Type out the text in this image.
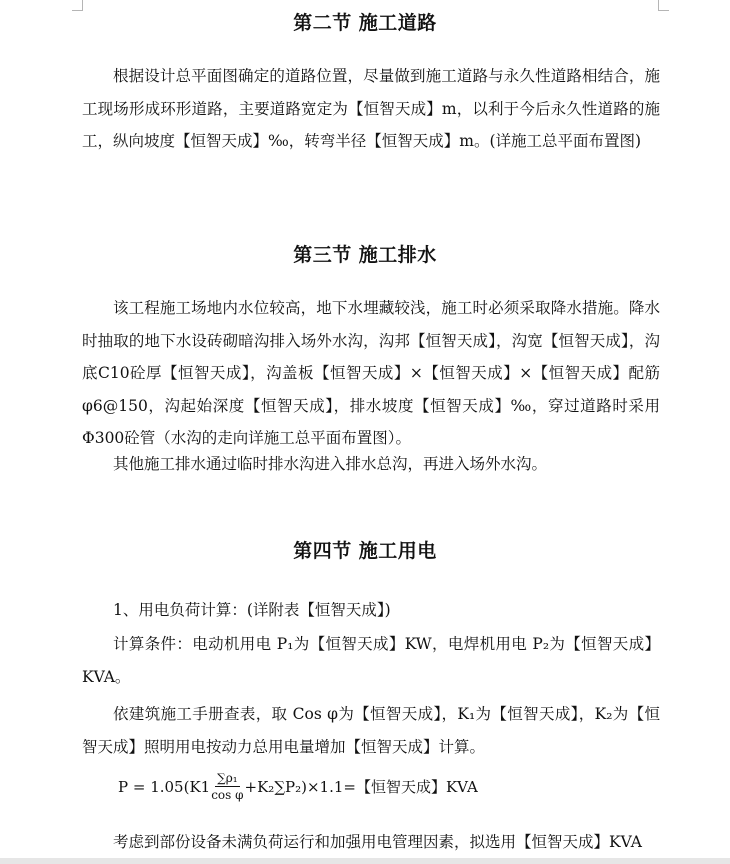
第二节 施工道路
根据设计总平面图确定的道路位置，尽量做到施工道路与永久性道路相结合，施工现场形成环形道路，主要道路宽定为【恒智天成】m，以利于今后永久性道路的施工，纵向坡度【恒智天成】‰，转弯半径【恒智天成】m。(详施工总平面布置图)
第三节 施工排水
该工程施工场地内水位较高，地下水埋藏较浅，施工时必须采取降水措施。降水时抽取的地下水设砖砌暗沟排入场外水沟，沟邦【恒智天成】，沟宽【恒智天成】，沟底C10砼厚【恒智天成】，沟盖板【恒智天成】×【恒智天成】×【恒智天成】配筋φ6@150，沟起始深度【恒智天成】，排水坡度【恒智天成】‰，穿过道路时采用Φ300砼管（水沟的走向详施工总平面布置图）。
其他施工排水通过临时排水沟进入排水总沟，再进入场外水沟。
第四节 施工用电
1、用电负荷计算：(详附表【恒智天成】)
计算条件：电动机用电 P₁为【恒智天成】KW，电焊机用电 P₂为【恒智天成】KVA。
依建筑施工手册查表，取 Cos φ为【恒智天成】，K₁为【恒智天成】，K₂为【恒智天成】照明用电按动力总用电量增加【恒智天成】计算。
$P = 1.05(K1 \frac{\text{∑ρ₁}}{\text{cos φ}} +K_2\sum P_2)\times 1.1=$【恒智天成】KVA
考虑到部份设备未满负荷运行和加强用电管理因素，拟选用【恒智天成】KVA
